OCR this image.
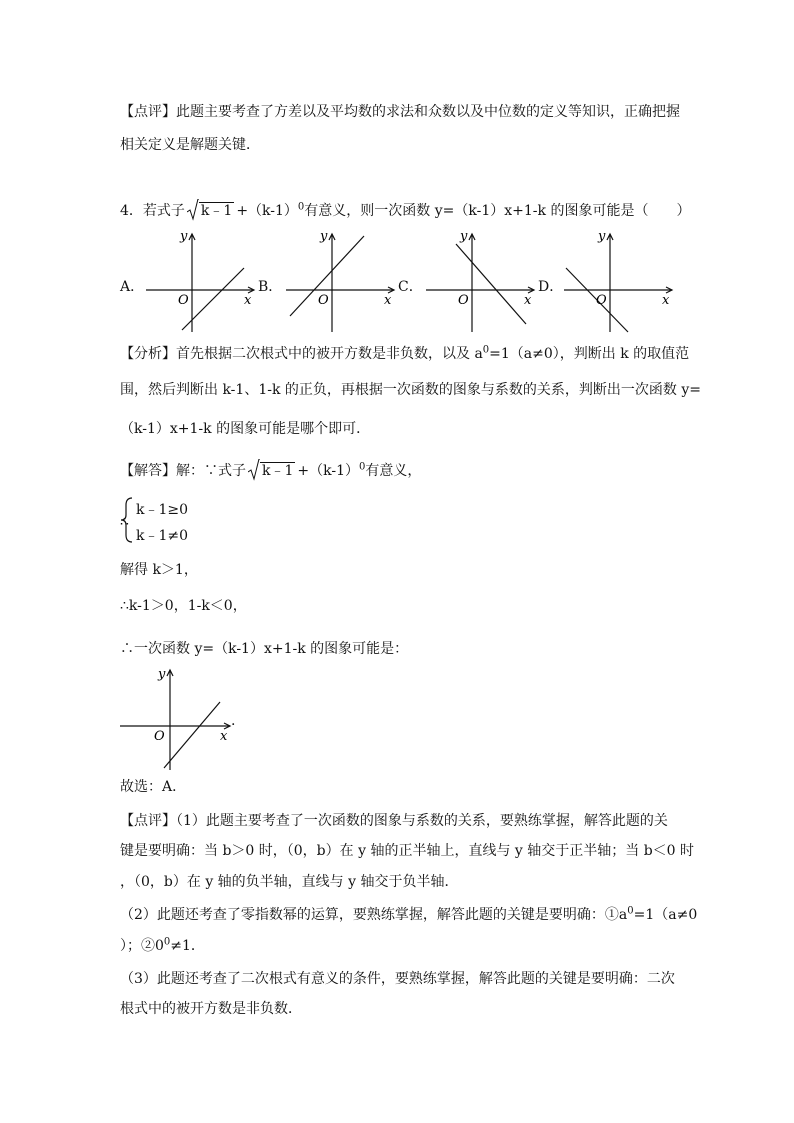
【点评】此题主要考查了方差以及平均数的求法和众数以及中位数的定义等知识，正确把握
相关定义是解题关键．
4．若式子 k﹣1 $+(k-1)^0$有意义，则一次函数 y=（k-1）x+1-k 的图象可能是（　　）
A．
y
O	x
B．
y
O	x
C．
y
O	x
D．
y
O	x
【分析】首先根据二次根式中的被开方数是非负数，以及 $a^0=1(a\ne 0)$，判断出 k 的取值范
围，然后判断出 k-1、1-k 的正负，再根据一次函数的图象与系数的关系，判断出一次函数 y=
（k-1）x+1-k 的图象可能是哪个即可．
【解答】解：∵式子 k﹣1 $+(k-1)^0$有意义，
∴
k﹣1≥0
k﹣1≠0
解得 k＞1，
∴k-1＞0，1-k＜0，
∴一次函数 y=（k-1）x+1-k 的图象可能是：
y
O	x
.
故选：A．
【点评】（1）此题主要考查了一次函数的图象与系数的关系，要熟练掌握，解答此题的关
键是要明确：当 b＞0 时，（0，b）在 y 轴的正半轴上，直线与 y 轴交于正半轴；当 b＜0 时
，（0，b）在 y 轴的负半轴，直线与 y 轴交于负半轴．
（2）此题还考查了零指数幂的运算，要熟练掌握，解答此题的关键是要明确：$①a^0=1(a\ne 0$
）；$②0^0\ne 1$．
（3）此题还考查了二次根式有意义的条件，要熟练掌握，解答此题的关键是要明确：二次
根式中的被开方数是非负数．
